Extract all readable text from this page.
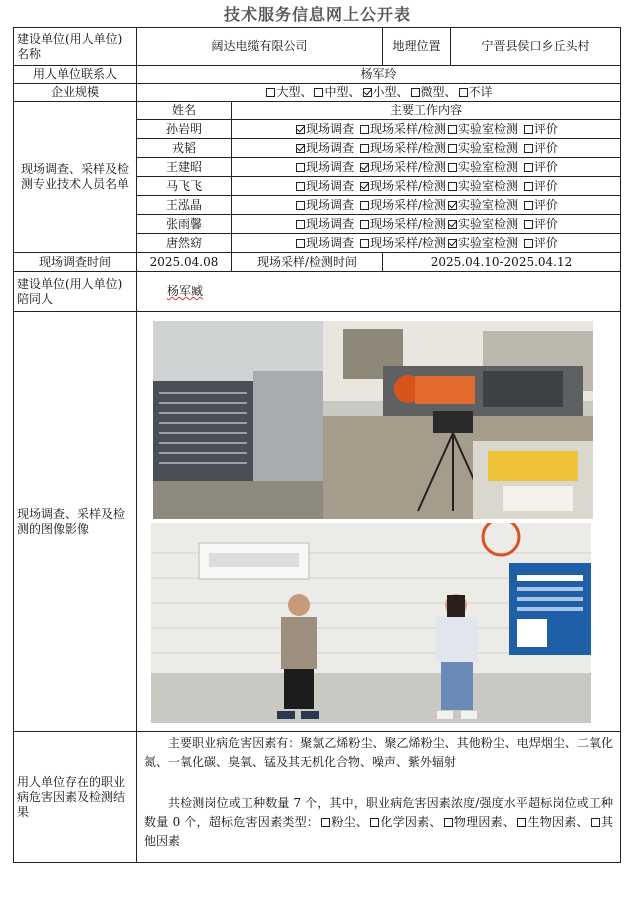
技术服务信息网上公开表
建设单位(用人单位)名称	阔达电缆有限公司		地理位置	宁晋县侯口乡丘头村
用人单位联系人	杨军玲			
企业规模	大型、 中型、 小型、 微型、 不详			
现场调查、采样及检测专业技术人员名单	姓名	主要工作内容		
	孙岩明	现场调查 现场采样/检测 实验室检测 评价		
	戎韬	现场调查 现场采样/检测 实验室检测 评价		
	王建昭	现场调查 现场采样/检测 实验室检测 评价		
	马飞飞	现场调查 现场采样/检测 实验室检测 评价		
	王泓晶	现场调查 现场采样/检测 实验室检测 评价		
	张雨馨	现场调查 现场采样/检测 实验室检测 评价		
	唐然窈	现场调查 现场采样/检测 实验室检测 评价		
现场调查时间	2025.04.08	现场采样/检测时间	2025.04.10-2025.04.12	
建设单位(用人单位)陪同人	杨军臧			
现场调查、采样及检测的图像影像	

用人单位存在的职业病危害因素及检测结果	主要职业病危害因素有：聚氯乙烯粉尘、聚乙烯粉尘、其他粉尘、电焊烟尘、二氧化氮、一氧化碳、臭氧、锰及其无机化合物、噪声、紫外辐射

共检测岗位或工种数量 7 个，其中，职业病危害因素浓度/强度水平超标岗位或工种数量 0 个，超标危害因素类型： 粉尘、 化学因素、 物理因素、 生物因素、 其他因素			
